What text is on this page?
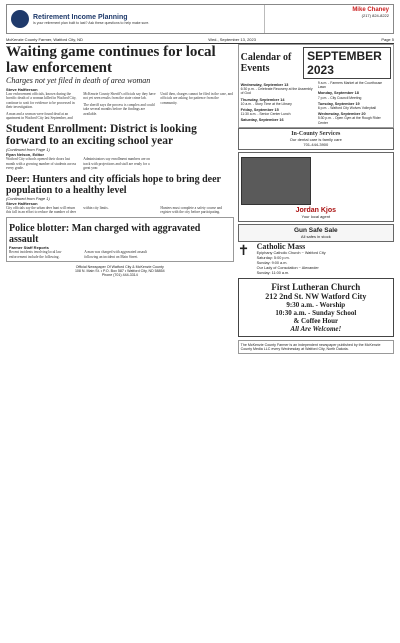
Retirement Income Planning
Is your retirement plan built to last? Ask these questions to help make sure.
Mike Chaney
(217) 824-8222
McKenzie County Farmer, Watford City, ND	Wed., September 13, 2023	Page 5
Waiting game continues for local law enforcement
Charges not yet filed in death of area woman
Steve Halfterson

Law enforcement officials, known during the horrific death of a woman killed in Watford City, continue to wait for evidence to be processed in their investigation.

A man and a woman were found dead at an apartment in Watford City last September, and McKenzie County Sheriff's officials say they have not yet seen results from the state crime lab.

The sheriff says the process is complex and could take several months before the findings are available.

Until then, charges cannot be filed in the case, and officials are asking for patience from the community.

Student Enrollment: District is looking forward to an exciting school year
(Continued from Page 1)
Ryan Nelson, Editor

Watford City schools opened their doors last month with a growing number of students across every grade.

Administrators say enrollment numbers are on track with projections and staff are ready for a great year.

Deer: Hunters and city officials hope to bring deer population to a healthy level
(Continued from Page 1)
Steve Halfterson

City officials say the urban deer hunt will return this fall in an effort to reduce the number of deer within city limits.	Hunters must complete a safety course and register with the city before participating.

Police blotter: Man charged with aggravated assault
Farmer Staff Reports

Recent incidents involving local law enforcement include the following.

A man was charged with aggravated assault following an incident on Main Street.

Official Newspaper Of Watford City & McKenzie County
108 N. Main St. • P.O. Box 587 • Watford City, ND 58854
Phone (701) 444-3314
Calendar of Events
SEPTEMBER 2023
Wednesday, September 13
6:30 p.m. - Celebrate Recovery at the Assembly of God
Thursday, September 14
10 a.m. - Story Time at the Library
Friday, September 15
11:30 a.m. - Senior Center Lunch
Saturday, September 16
9 a.m. - Farmers Market at the Courthouse Lawn
Monday, September 18
7 p.m. - City Council Meeting
Tuesday, September 19
6 p.m. - Watford City Wolves Volleyball
Wednesday, September 20
5:30 p.m. - Open Gym at the Rough Rider Center
In-County Services
Our dental care is family care
701-444-3900
Jordan Kjos
Your local agent
Gun Safe Sale
All safes in stock
✝ Catholic Mass
Epiphany Catholic Church ~ Watford City
Saturday: 5:00 p.m.
Sunday: 9:00 a.m.
Our Lady of Consolation ~ Alexander
Sunday: 11:00 a.m.
First Lutheran Church
212 2nd St. NW Watford City
9:30 a.m. - Worship
10:30 a.m. - Sunday School
& Coffee Hour
All Are Welcome!
The McKenzie County Farmer is an independent newspaper published by the McKenzie County Media LLC every Wednesday at Watford City, North Dakota.
